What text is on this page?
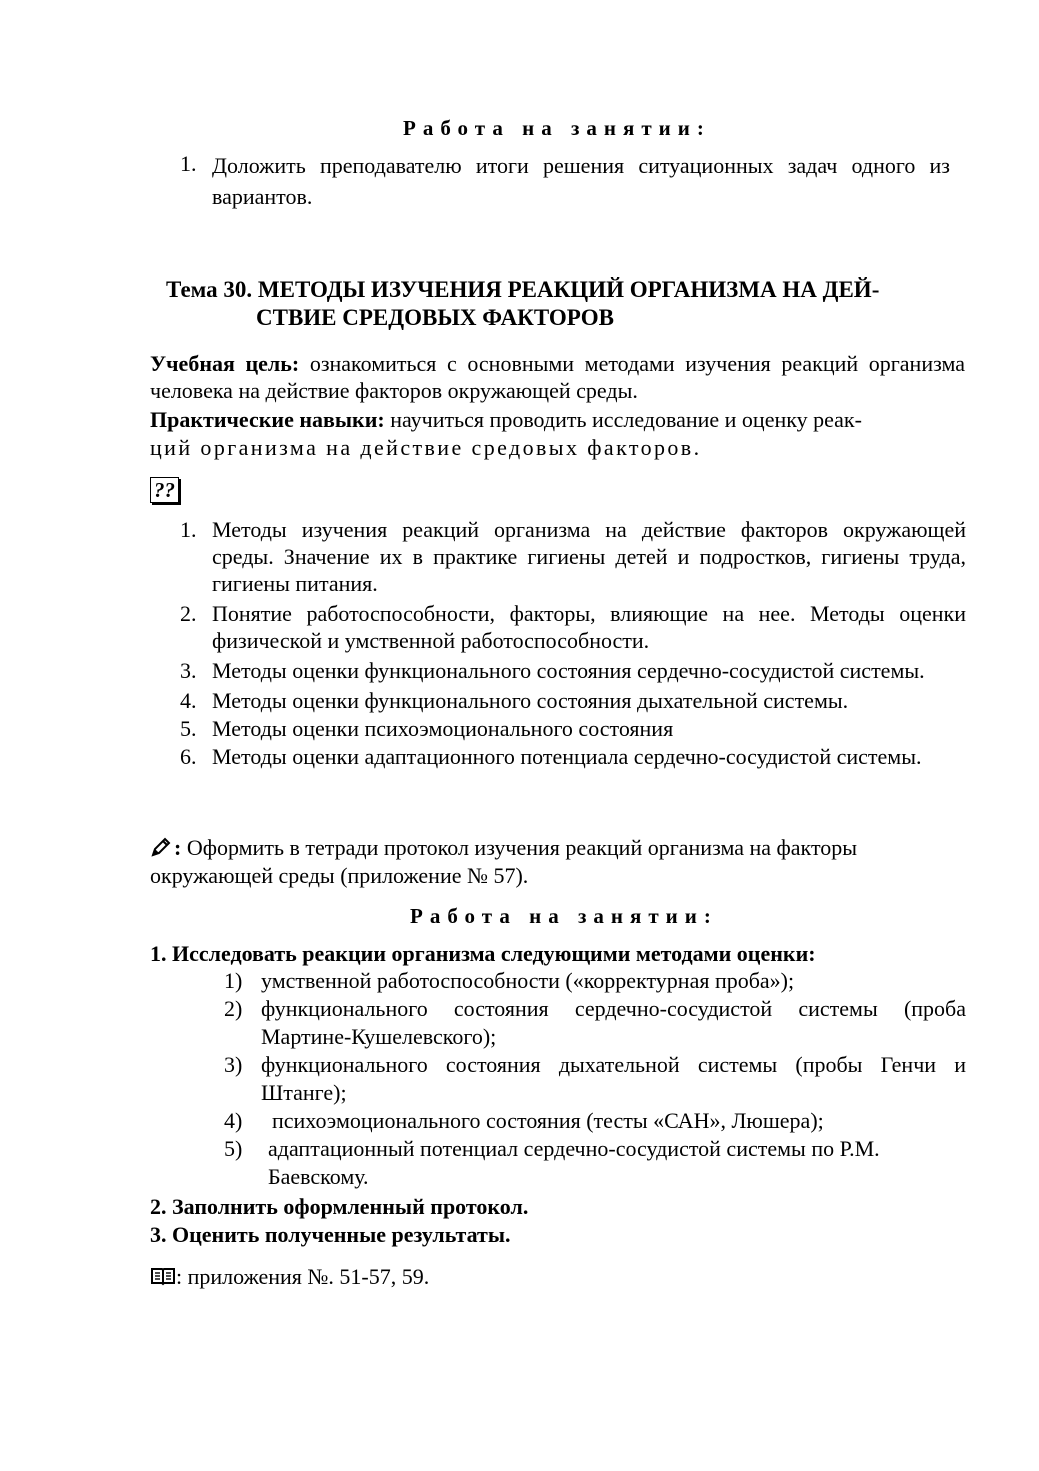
Работа на занятии:
1. Доложить преподавателю итоги решения ситуационных задач одного из вариантов.
Тема 30. МЕТОДЫ ИЗУЧЕНИЯ РЕАКЦИЙ ОРГАНИЗМА НА ДЕЙ-
СТВИЕ СРЕДОВЫХ ФАКТОРОВ
Учебная цель: ознакомиться с основными методами изучения реакций организма человека на действие факторов окружающей среды.
Практические навыки: научиться проводить исследование и оценку реак-
ций организма на действие средовых факторов.
??
1. Методы изучения реакций организма на действие факторов окружающей среды. Значение их в практике гигиены детей и подростков, гигиены труда, гигиены питания.
2. Понятие работоспособности, факторы, влияющие на нее. Методы оценки физической и умственной работоспособности.
3. Методы оценки функционального состояния сердечно-сосудистой системы.
4. Методы оценки функционального состояния дыхательной системы.
5. Методы оценки психоэмоционального состояния
6. Методы оценки адаптационного потенциала сердечно-сосудистой системы.
:
Оформить в тетради протокол изучения реакций организма на факторы
окружающей среды (приложение № 57).
Работа на занятии:
1. Исследовать реакции организма следующими методами оценки:
1) умственной работоспособности («корректурная проба»);
2) функционального состояния сердечно-сосудистой системы (проба Мартине-Кушелевского);
3) функционального состояния дыхательной системы (пробы Генчи и Штанге);
4)	психоэмоционального состояния (тесты «САН», Люшера);
5)	адаптационный потенциал сердечно-сосудистой системы по Р.М. Баевскому.
2. Заполнить оформленный протокол.
3. Оценить полученные результаты.
: приложения №. 51-57, 59.
